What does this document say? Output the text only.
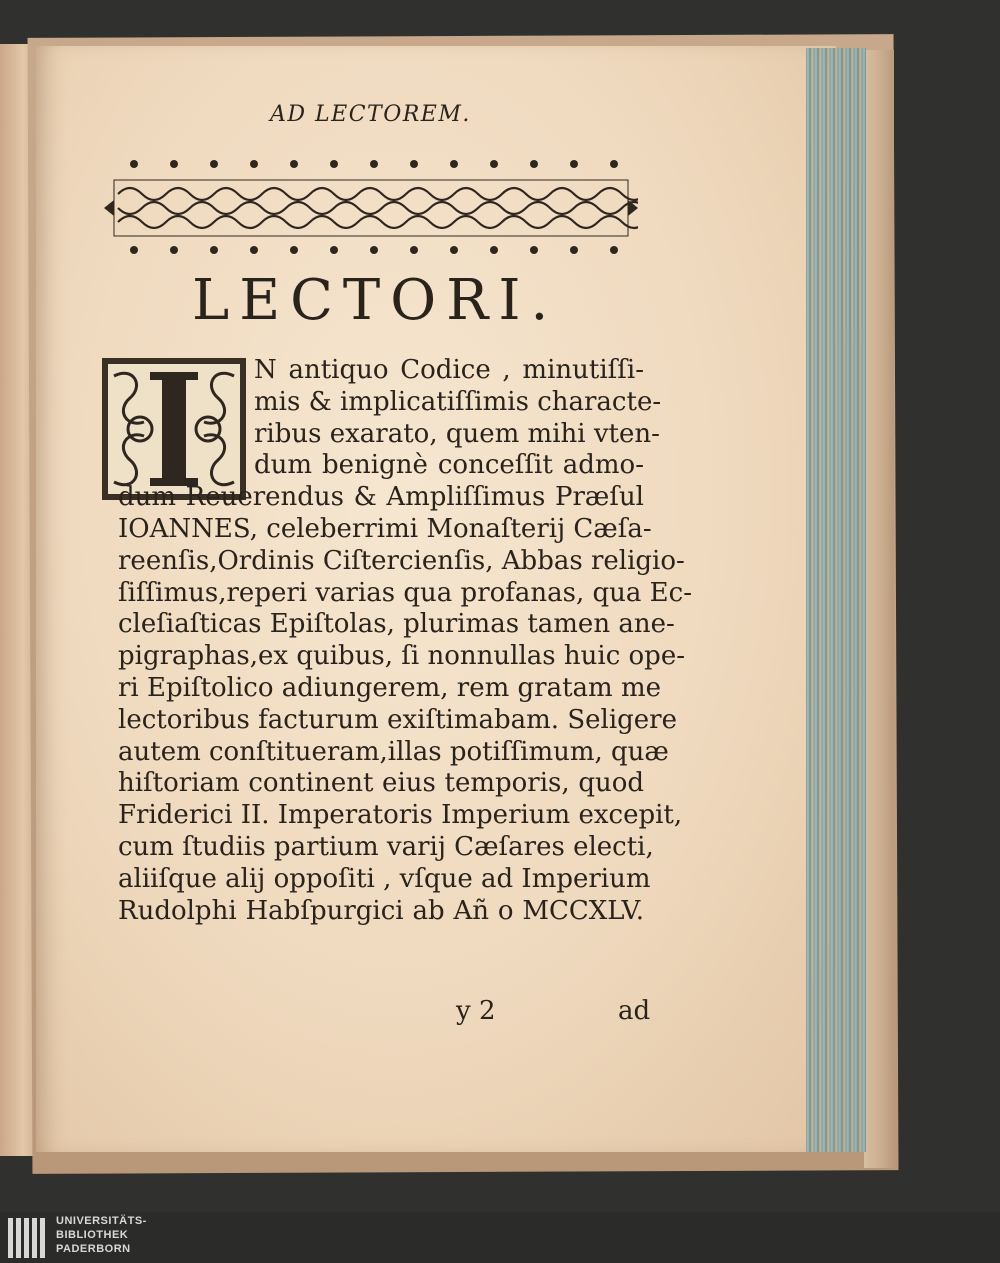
AD LECTOREM.
LECTORI.
N antiquo Codice , minutiſſi-
mis & implicatiſſimis characte-
ribus exarato, quem mihi vten-
dum benignè conceſſit admo-
dum Reuerendus & Ampliſſimus Præſul
IOANNES, celeberrimi Monaſterij Cæſa-
reenſis,Ordinis Ciſtercienſis, Abbas religio-
ſiſſimus,reperi varias qua profanas, qua Ec-
cleſiaſticas Epiſtolas, plurimas tamen ane-
pigraphas,ex quibus, ſi nonnullas huic ope-
ri Epiſtolico adiungerem, rem gratam me
lectoribus facturum exiſtimabam. Seligere
autem conſtitueram,illas potiſſimum, quæ
hiſtoriam continent eius temporis, quod
Friderici II. Imperatoris Imperium excepit,
cum ſtudiis partium varij Cæſares electi,
aliiſque alij oppoſiti , vſque ad Imperium
Rudolphi Habſpurgici ab Añ o MCCXLV.
y 2	ad
UNIVERSITÄTS-
BIBLIOTHEK
PADERBORN
